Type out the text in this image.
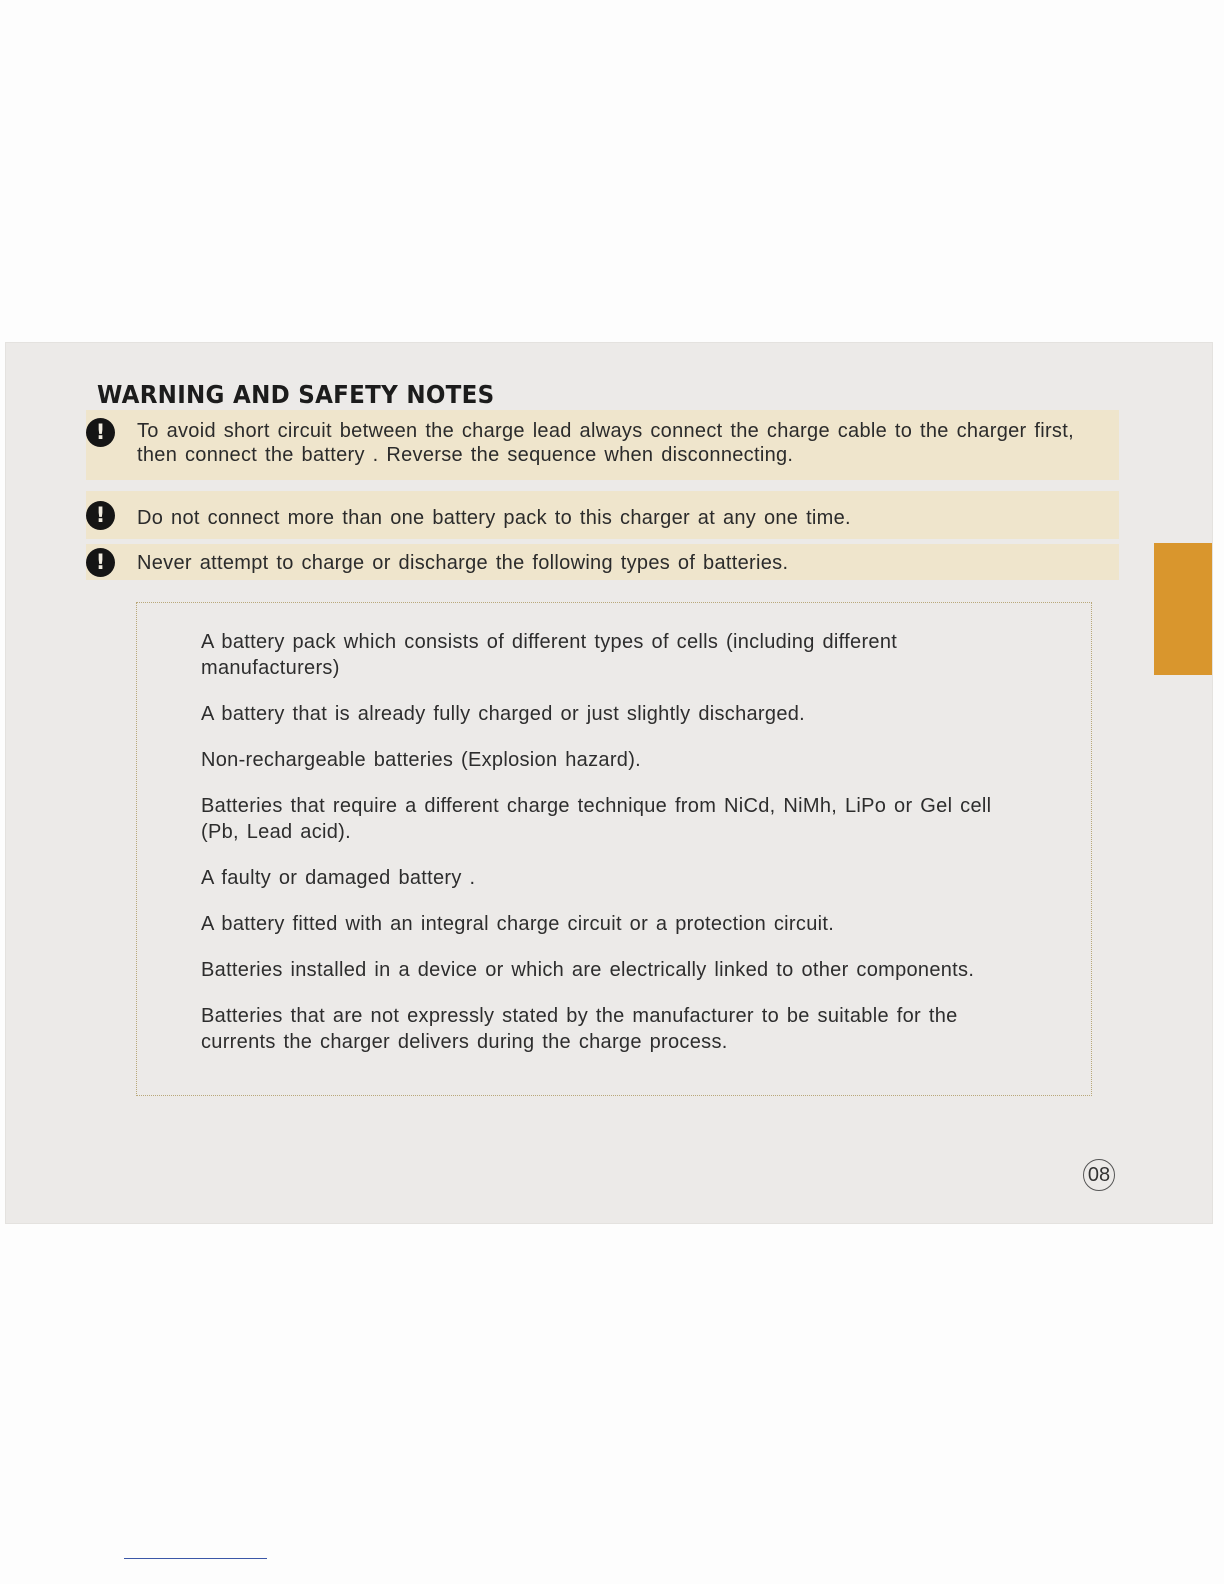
WARNING AND SAFETY NOTES
!	To avoid short circuit between the charge lead always connect the charge cable to the charger first, then connect the battery . Reverse the sequence when disconnecting.
!	Do not connect more than one battery pack to this charger at any one time.
!	Never attempt to charge or discharge the following types of batteries.
A battery pack which consists of different types of cells (including different manufacturers)
A battery that is already fully charged or just slightly discharged.
Non-rechargeable batteries (Explosion hazard).
Batteries that require a different charge technique from NiCd, NiMh, LiPo or Gel cell (Pb, Lead acid).
A faulty or damaged battery .
A battery fitted with an integral charge circuit or a protection circuit.
Batteries installed in a device or which are electrically linked to other components.
Batteries that are not expressly stated by the manufacturer to be suitable for the currents the charger delivers during the charge process.
08
